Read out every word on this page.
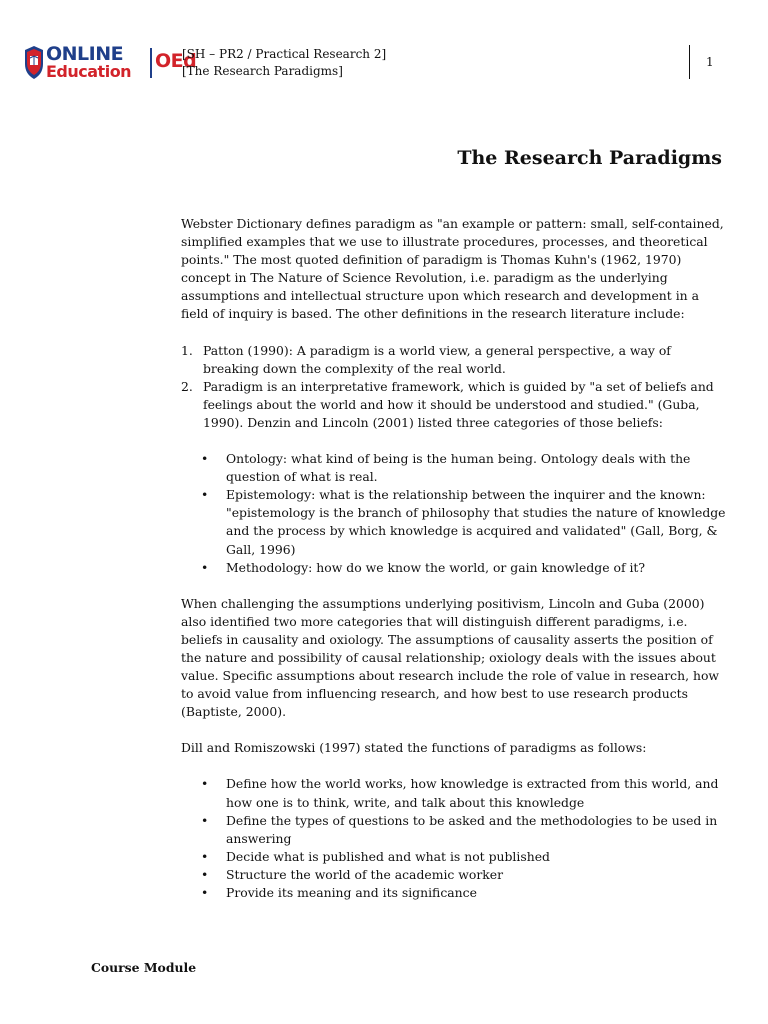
ONLINE
Education OEd
[SH – PR2 / Practical Research 2]
[The Research Paradigms]
1
The Research Paradigms

Webster Dictionary defines paradigm as "an example or pattern: small, self-contained, simplified examples that we use to illustrate procedures, processes, and theoretical points." The most quoted definition of paradigm is Thomas Kuhn's (1962, 1970) concept in The Nature of Science Revolution, i.e. paradigm as the underlying assumptions and intellectual structure upon which research and development in a field of inquiry is based. The other definitions in the research literature include:

1. Patton (1990): A paradigm is a world view, a general perspective, a way of breaking down the complexity of the real world.
2. Paradigm is an interpretative framework, which is guided by "a set of beliefs and feelings about the world and how it should be understood and studied." (Guba, 1990). Denzin and Lincoln (2001) listed three categories of those beliefs:
• Ontology: what kind of being is the human being. Ontology deals with the question of what is real.
• Epistemology: what is the relationship between the inquirer and the known: "epistemology is the branch of philosophy that studies the nature of knowledge and the process by which knowledge is acquired and validated" (Gall, Borg, & Gall, 1996)
• Methodology: how do we know the world, or gain knowledge of it?

When challenging the assumptions underlying positivism, Lincoln and Guba (2000) also identified two more categories that will distinguish different paradigms, i.e. beliefs in causality and oxiology. The assumptions of causality asserts the position of the nature and possibility of causal relationship; oxiology deals with the issues about value. Specific assumptions about research include the role of value in research, how to avoid value from influencing research, and how best to use research products (Baptiste, 2000).

Dill and Romiszowski (1997) stated the functions of paradigms as follows:

• Define how the world works, how knowledge is extracted from this world, and how one is to think, write, and talk about this knowledge
• Define the types of questions to be asked and the methodologies to be used in answering
• Decide what is published and what is not published
• Structure the world of the academic worker
• Provide its meaning and its significance
Course Module
